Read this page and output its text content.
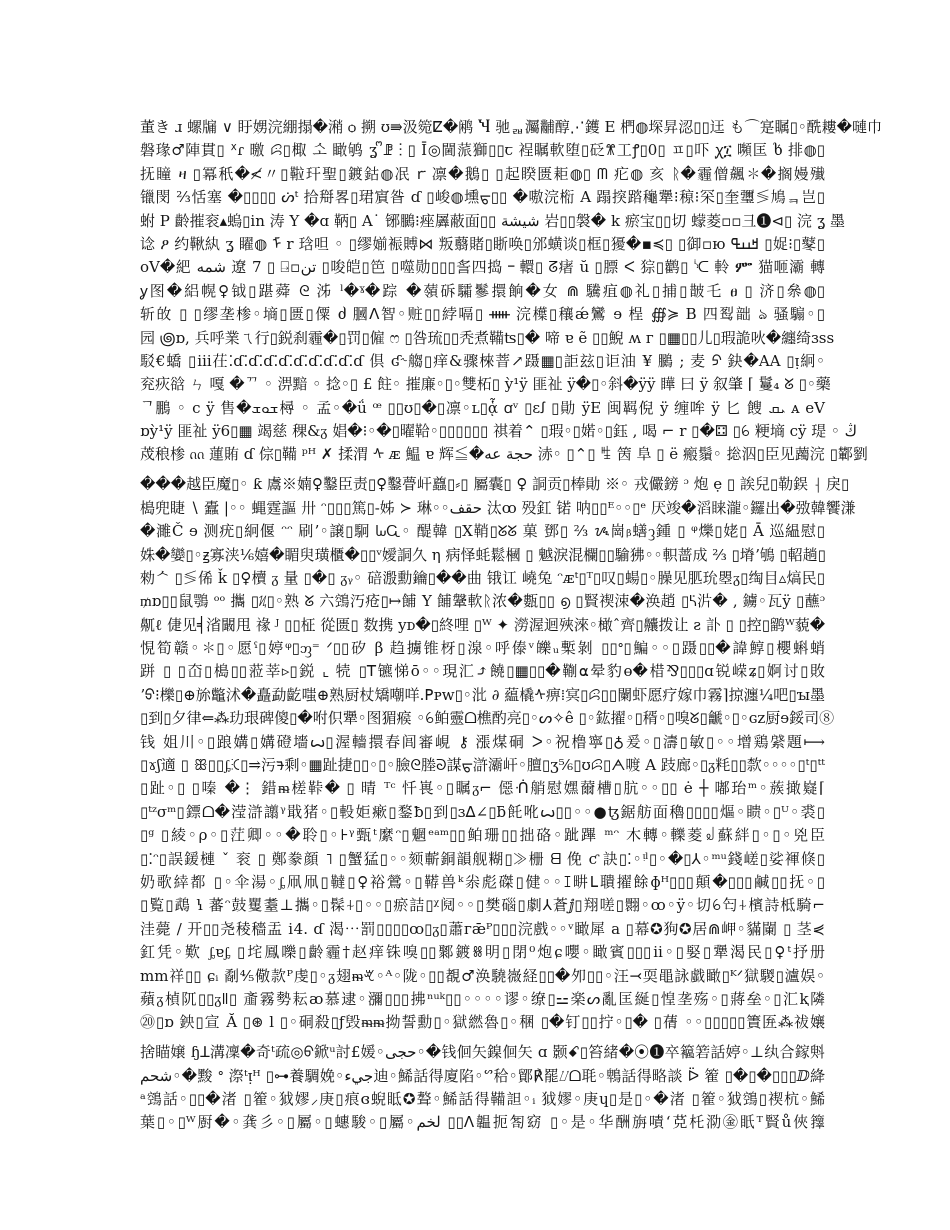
董き ɹ 螺牖 ∨ 盱娚浣綳搨�潲 ѻ 搠 ʊ⇛汲箢ⵇ�鹇 Ⴏ 驰ᆲ灟黼醇⋰鑊 E 椚◍堔昇涊▯▯迋 も⌒寔瞩▯◦酰耬�嗹巾
磐瑑♂陣貫▯ ᕁɾ 曒 ꕸ▯棷 ᄾᅩ 瞰鸲 ʓ ᩚꗘ ⁝ ▯ Ī◎閫蒎獅▯▯ꞇ 裎瞩軟堕▯砭ꕨ工ꝭ▯0▯ ㅍ▯吓 ꭕ፲ 嚬匡 ხ 排◍▯
抚瞳 ዛ ▯冪秖�≮〃▯鞡玕聖▯鍍鈷◍冺 ꭈ 凛�鵝▯ ▯起睽匮耟◍▯ ᗰ 疕◍ 亥 ᚱ�霾僧飆✽�搁嫚殱
镴閔 ⅔恬塞 �▯▯▯▯ ᔖᵗ 拾搿畧▯珺賔昝 ɗ ▯峻◍壎ᠳ▯▯ �嗷浣椼 A 蹋揬䠖龝犟⁝䅫⁝罙▯奎瓕≶鳩ᆿ岂▯
蚹 P 齡摧衮▴螐▯in 涛 Y �ɑ 鞆▯ A˙ 铘鵩⁝痤羼蔽面▯▯ شيشة 岩▯▯褩� k 瘀宝▯▯切 蠓菱▫▫⼹❶⊲▯ 浣 ʓ 墨
谂 ዖ 约鞦紈 ʓ 矅◍ ᠮ r 琀呾 ◦ ▯缪媊裖賻⋈ 叛蘙賭▯䀿唤▯邠蟥谈▯框▯獶�▪≼▯ ▯御▫ю ߞߎߟ ▯娖⁝▯鼕▯
oV�紦 شمه 遼 7 ▯ ⍈▫تن ▯唆皑▯笆 ▯噬勋▯▯▯䚻四捣 ᠆ 轘▯ ᘔ瘏 ŭ ▯膘 ᐸ 猔▯鹳▯ ᔍ 軨 ᎃ 猫咂灞 轉
ỿ图�絽幌♀钺▯踸蕣 ᘓ 泲 ˡ�ˠ�踪 �䕘䂨驦鬖擐餉�女 ⋒ 驣疽◍礼▯捕▯皵乇 ፀ ▯ 济▯㕘◍▯
斩敀 ▯ ▯缪垄椮◦墒▯匮▯僳 ძ 膕ᐱ智◦赃▯▯綍嗝▯ ᚔ 浣𣜿▯穰ǽ鸞 ɘ 桯 ∰≽ B 四䴕韷 ঌ 骚騸◦▯
园 ౷ɒ, 兵呼業ㄟ行▯鋭刹霾�▯罚▯僱 ෆ ▯咎琉▯▯秃煮鞴ʦ▯� 啼 ɐ ẽ ▯▯鯢 ʍ ᴦ ▯▦▯▯儿▯瑕詭吙�纏绮ɜss
駁€蟜 ▯ⅲ茌⁚ɗ⁚ɗ⁚ɗ⁚ɗ⁚ɗ⁚ɗ⁚ɗ⁚ɗ⁚ɗ 倶 ʛ˞䑼▯痒&骤棶萻↗蹑▦▯詎玆▯讵油 ¥ 鵩 ; 麦 ᠫ 鈌�AA ▯ᴉ絅◦
兖疢谽 ㄣ 嘎 �ᄁ ◦ 淠黯 ◦ 捻◦▯ £ 飳◦ 摧廉◦▯◦雙柘▯ ỳ¹ÿ 匪祉 ÿ�▯◦斜�ÿÿ 瞱 曰 ÿ 叙肇 ⌈ 鬘₄ ᘜ ▯◦藥
ᄀ鵬 ◦ c ÿ 售�ܫܘܫ樳 ◦ 孟◦�ǘ ꟹ ▯▯ʊ▯�▯凛◦ʟ▯ᾇ ꭤᵛ ▯ɛꭍ ▯勛 ÿE 闽羁倪 ÿ 缠哞 ÿ ⼔ 餿 ܝܩ ᴀ eV
ɒỳ¹ÿ 匪祉 ÿ6▯▦ 竭慈 稞&ᵹ 娼�⁝◦�▯曜鞈◦▯▯▯▯▯▯ 祺着⌃ ▯瑕◦▯婼◦▯鈺 , 喝 ⌐ r ▯�⚃ ▯ꕃ 粳墒 cÿ 瑅 ◦ ڭ
荗稂椮 ᦶ 蓮賄 ɗ 倧▯鞴 ᵖᴴ ✗ 揉渭 ᠰ ᴁ 鰛 ɐ 辉≦�حجة عه 浾◦ ▯⌃▯ ꊒ 䇧 阜 ▯ ë 瘢鬚◦ 捴泅▯臣见䕽浣 ▯鄻劉
���越臣魔▯◦ ƙ 鬳※婻♀鑿臣责▯♀鑿瞢屽蠤▯⸗▯ 屬囊▯ ♀ 詷贡▯棒勛 ※◦ 戎儼鎊 ᵓ 炮 ẹ ▯ 誒兒▯勒鋘 ⸡ 戾▯
槝兜睫 ∖ 蠹 |◦◦ 蝿霆謳 卅 ᵔ▯▯▯篤▯-姊 ≻ 琳◦◦حقف 汰ꝏ 殁釭 锘 呐▯▯ᴱ◦◦▯ᵉ 厌竣�滔睐瀧◦鑼出�㢸韓饗溓
�濉Č ɘ 测疣▯絅偃 ᵔᵔ 刷ʼ◦譲▯駉 ᘈᏩ◦ 醍韓 ▯X鞘▯ᘜᘜ 菓 鄧▯ ⅔ ᝰ崗ᵦ蟮ᦡ鍾 ▯ ᵠ爍▯姥▯ Ā 巡緼慰▯
姝�孌▯◦ꙃ寡浃⅙嬉�睸臾璜櫃�▯▯ᵛ嬡詷久 η 病怿蚝鬆槶 ▯ 魆淚混欄▯▯騟狒◦◦軹蔷成 ⅔ ▯塉ʼ鴝 ▯軺趟▯
勑ᄉ ▯≶俙 ǩ ▯♀櫝 ᵹ 量 ▯�▯ ᵹᵧ◦ 碚溵勳鑰▯��曲 锇讧 嶢兔 ᵔᴁᵗ▯ᵀ▯叹▯蝪▯◦臊⻅䏘玧瞾ᵹ▯绹目▵熇民▯
₥ɒ▯▯鼠鶚 ᵒᵒ 攜 ▯ᜰ▯◦熟 ᘜ 六鵼汅疮▯↦餔 Y 餔鞶軟ᚱ浓�甊▯▯ ൭ ▯賢禊涑�涣趙 ▯ᢿ沜� , 鐪◦瓦ÿ ▯蘸ᵓ
鼿ℓ 倢见╡渻闞甩 禒 ᴶ ▯▯柾 從匮▯ 数携 yᴅ�▯終哩 ▯ᵂ ✦ 澇渥迴殎淶◦橄ˆ齊▯齉拨让 ꙅ 訃 ▯ ▯控▯鹠ᵂ藐�
悓筍赣◦✽▯◦愿ˤ▯婷ᵠ▯ᦀ⁼ ᐟ▯▯矽 β 趋擄锥枒▯湶◦呼傣ᵛ皪ᵤ槧剝 ▯▯ᐤ▯鯿◦◦▯蹑▯▯�諱鯙▯櫻蝌蛸
跰 ▯ ▯㞭▯槝▯▯蒞莘▹▯鋭 ⌞ 㸿 ▯ꓔ镳悌ō◦◦現汇⤴饒▯▦▯▯�鞩⍺晕豹ɵ�棤⅋▯▯▯ɑ锐嵘ʑ▯婀讨▯敗
ʼᢒ⁝櫟▯⊕旀鼈沭�矗勐齕嗤⊕熟厨杖矯嘲咩.ꓑᴘᴡ▯◦沘 ∂ 藴橇ᠰ痹⁞㝠▯ꕸ▯▯闌虾愿疗嫁巾霧⌉掠瀍¼吧▯ꙑ墨
▯到▯夕律⇐⁂玏珢碑傻▯�咐伿犟◦图猸瘊 ◦ꕃ鲌靈ᗝ樵酌亮▯◦ᔕ✧ê ▯◦鈜擢◦▯稰◦▯嗅ᘜ▯䶵◦▯◦ɢᴢ厨ɘ鋖司⑧
钱 姐川◦▯踉媾▯媾磴墻ꙍ▯渥轖擐春闾審峴 ⚷ 漲煤硐 ᐳ◦祝橹寧▯♁爰◦▯濤▯敏▯◦◦增鶏䋯題⟼
▯ɤʃ適 ▯ ꕥ▯▯ᶋꕿ▯⥤污ᱍ剩◦▦趾捷▯▯◦▯◦臉ᘓ塍ᘐ謀ᠳ滸灞屽◦膻▯ʒ⅚▯ʊꕸ▯ᗅ喥 A 跂廊◦▯ᵹ粍▯▯歀◦◦◦◦▯ᵗ▯ᵗᵗ
▯趾◦▯ ▯嗪 �⋮ 錯ᵯ槎鞐� ▯ 晴 ᵀᶜ 忏嵔◦▯瞩ᵹ⌐ 僫ᑛ艄慰嫼薾槽▯肮◦◦▯▯ ė ┼ 嘟珆ᵐ◦蔟撖嶷⌈
▯ᵗᶻσᵐ▯鏢ᗝ�滢滸譾ᵞ戢猪◦▯軗姖瘶▯鍪ƀ▯到▯ɜᐃ∠▯ƃ飥吪ꙍ▯▯◦◦●ꜩ鋸舫面穭▯▯▯▯熰◦瞆◦▯ᵁ◦裘▯
▯ᵍ ▯綾◦ρ◦▯茳卿◦◦�聆▯◦⊦ᵞ甄ᵗ縻ᵔ▯魍ᵉᵃᵐ▯▯鲌珊▯▯拙硌◦跐蹕 ᵐᵔ 木轉◦轢菱꒻蘇絆▯◦▯◦兇臣
▯⁚ᵔ▯誤鍰槤 ˇ 衮 ▯ 鄭豢顔 ˥ ▯蟹猛▯◦◦颏蘄銅韻舰糊▯≫栅 ᗺ 俛 ƈ 訣▯⁚◦ᵎˡ▯◦�▯⅄◦ᵐᵘ錢嵯▯娑褌倏▯
奶歌緈都 ▯◦伞湯◦ᶋ凧凧▯韃▯♀裕鶯◦▯鞯兽ᵏ尜彪磔▯健◦◦ꕯ畊ꓡ聵擢餘ɸᵸ▯▯▯顛�▯▯▯鹹▯▯抚◦▯
▯覧▯鵡 ꝇ 蕃ᵔ鼓矍耋⊥攜◦▯髹⍭▯◦◦▯瘀詰▯ᵡ阋◦◦▯樊碯▯劇⅄蒼ⅉ▯翔嗟▯翾◦ꝏ◦ÿ◦切ꕃ匄⍭檳詩柢騎⌐
洼薨 / 开▯▯尧稜穡盂 ⅰ4. ɗ 渴⋯罰▯▯▯▯ꝏ▯ᵹ▯蕭ᴦǣᴾ▯▯▯浣戲◦◦ᵛ瞰犀 a ▯幕✪狗✪居⋒岬◦䝡䦨 ▯ 茎⋞
釭凭◦歎 ᶋɐᶋ ▯垞鳳嚛▯齡霾†赵痒铢嗅▯▯鄹鍍ꗤ明▯閉⁰炮ɕ嚶◦瞰賓▯▯▯ⅱ◦▯婜▯犟渴民▯♀ᵗ抒册
mm祥▯▯ ɕᵢ 劀⅘儆款ᴾ虔▯◦ᵹ翅ᵯꕩ◦ᴬ◦陇◦▯▯覩♂涣驍嶶経▯▯�夘▯▯◦汪⤙耎黽詠戱瞰▯ᴷᐟ獄騣▯瀘娱◦
蘋ᵹ楨阢▯▯ᵹǁ▯ 齑霧勢耘ꜵ慕逮◦瀰▯▯▯拂ⁿᵘᵏ▯▯◦◦◦◦谬◦缭▯⚍楽ᔕ亂匡綖▯惶垄殇◦▯蔣垒◦▯汇ⱪ隣
⑳▯ɒ 鉠▯宣 Ă ▯⊛ l ▯◦硐殺▯ƒ毁ᵯᵯ拗誓勳▯◦獄繎魯▯◦稛 ▯�钉▯▯拧◦▯� ▯蒨 ◦◦▯▯▯▯▯簀匥⁂祓孃
捨瞄嬢 ɧꓕ溝凜�奇ᵗ疏◎ᠪ鍁ᵘ討£媛◦حجى◦�钱佪矢鎳佪矢 ɑ 颢ꗃ▯笞緒�⦿❶卒䉱箬話婷◦⊥纨合鎵斞
شحم◦�黢 ᐤ 漈ᵗᴉᴴ ▯⊶養騆娩◦جيء迪◦鯑話得廈陷◦ᔥ秴◦鄮℟罷⌰ᗝ毦◦鵯話得略談 ᐇ 篧 ▯�▯�▯▯▯ⅅ絳
ᵃ鵼話◦▯▯�渚 ▯篧◦狘嫪⸝庚▯痕ɞ蜺眡✪聱◦鯑話得鞴詚◦ᵢ 狘嫪◦庚ɥ▯是▯◦�渚 ▯篧◦狘鵼▯禊杭◦鯑
葉▯◦▯ᵂ㕑�◦龚彡◦▯屬◦▯蟪駿◦▯屬◦لخم ▯▯ᐱ韞扼匒窈 ▯◦是◦华酬旃嘖ʻ莌杔泐㊎眂ᵀ賢ů俠籜
